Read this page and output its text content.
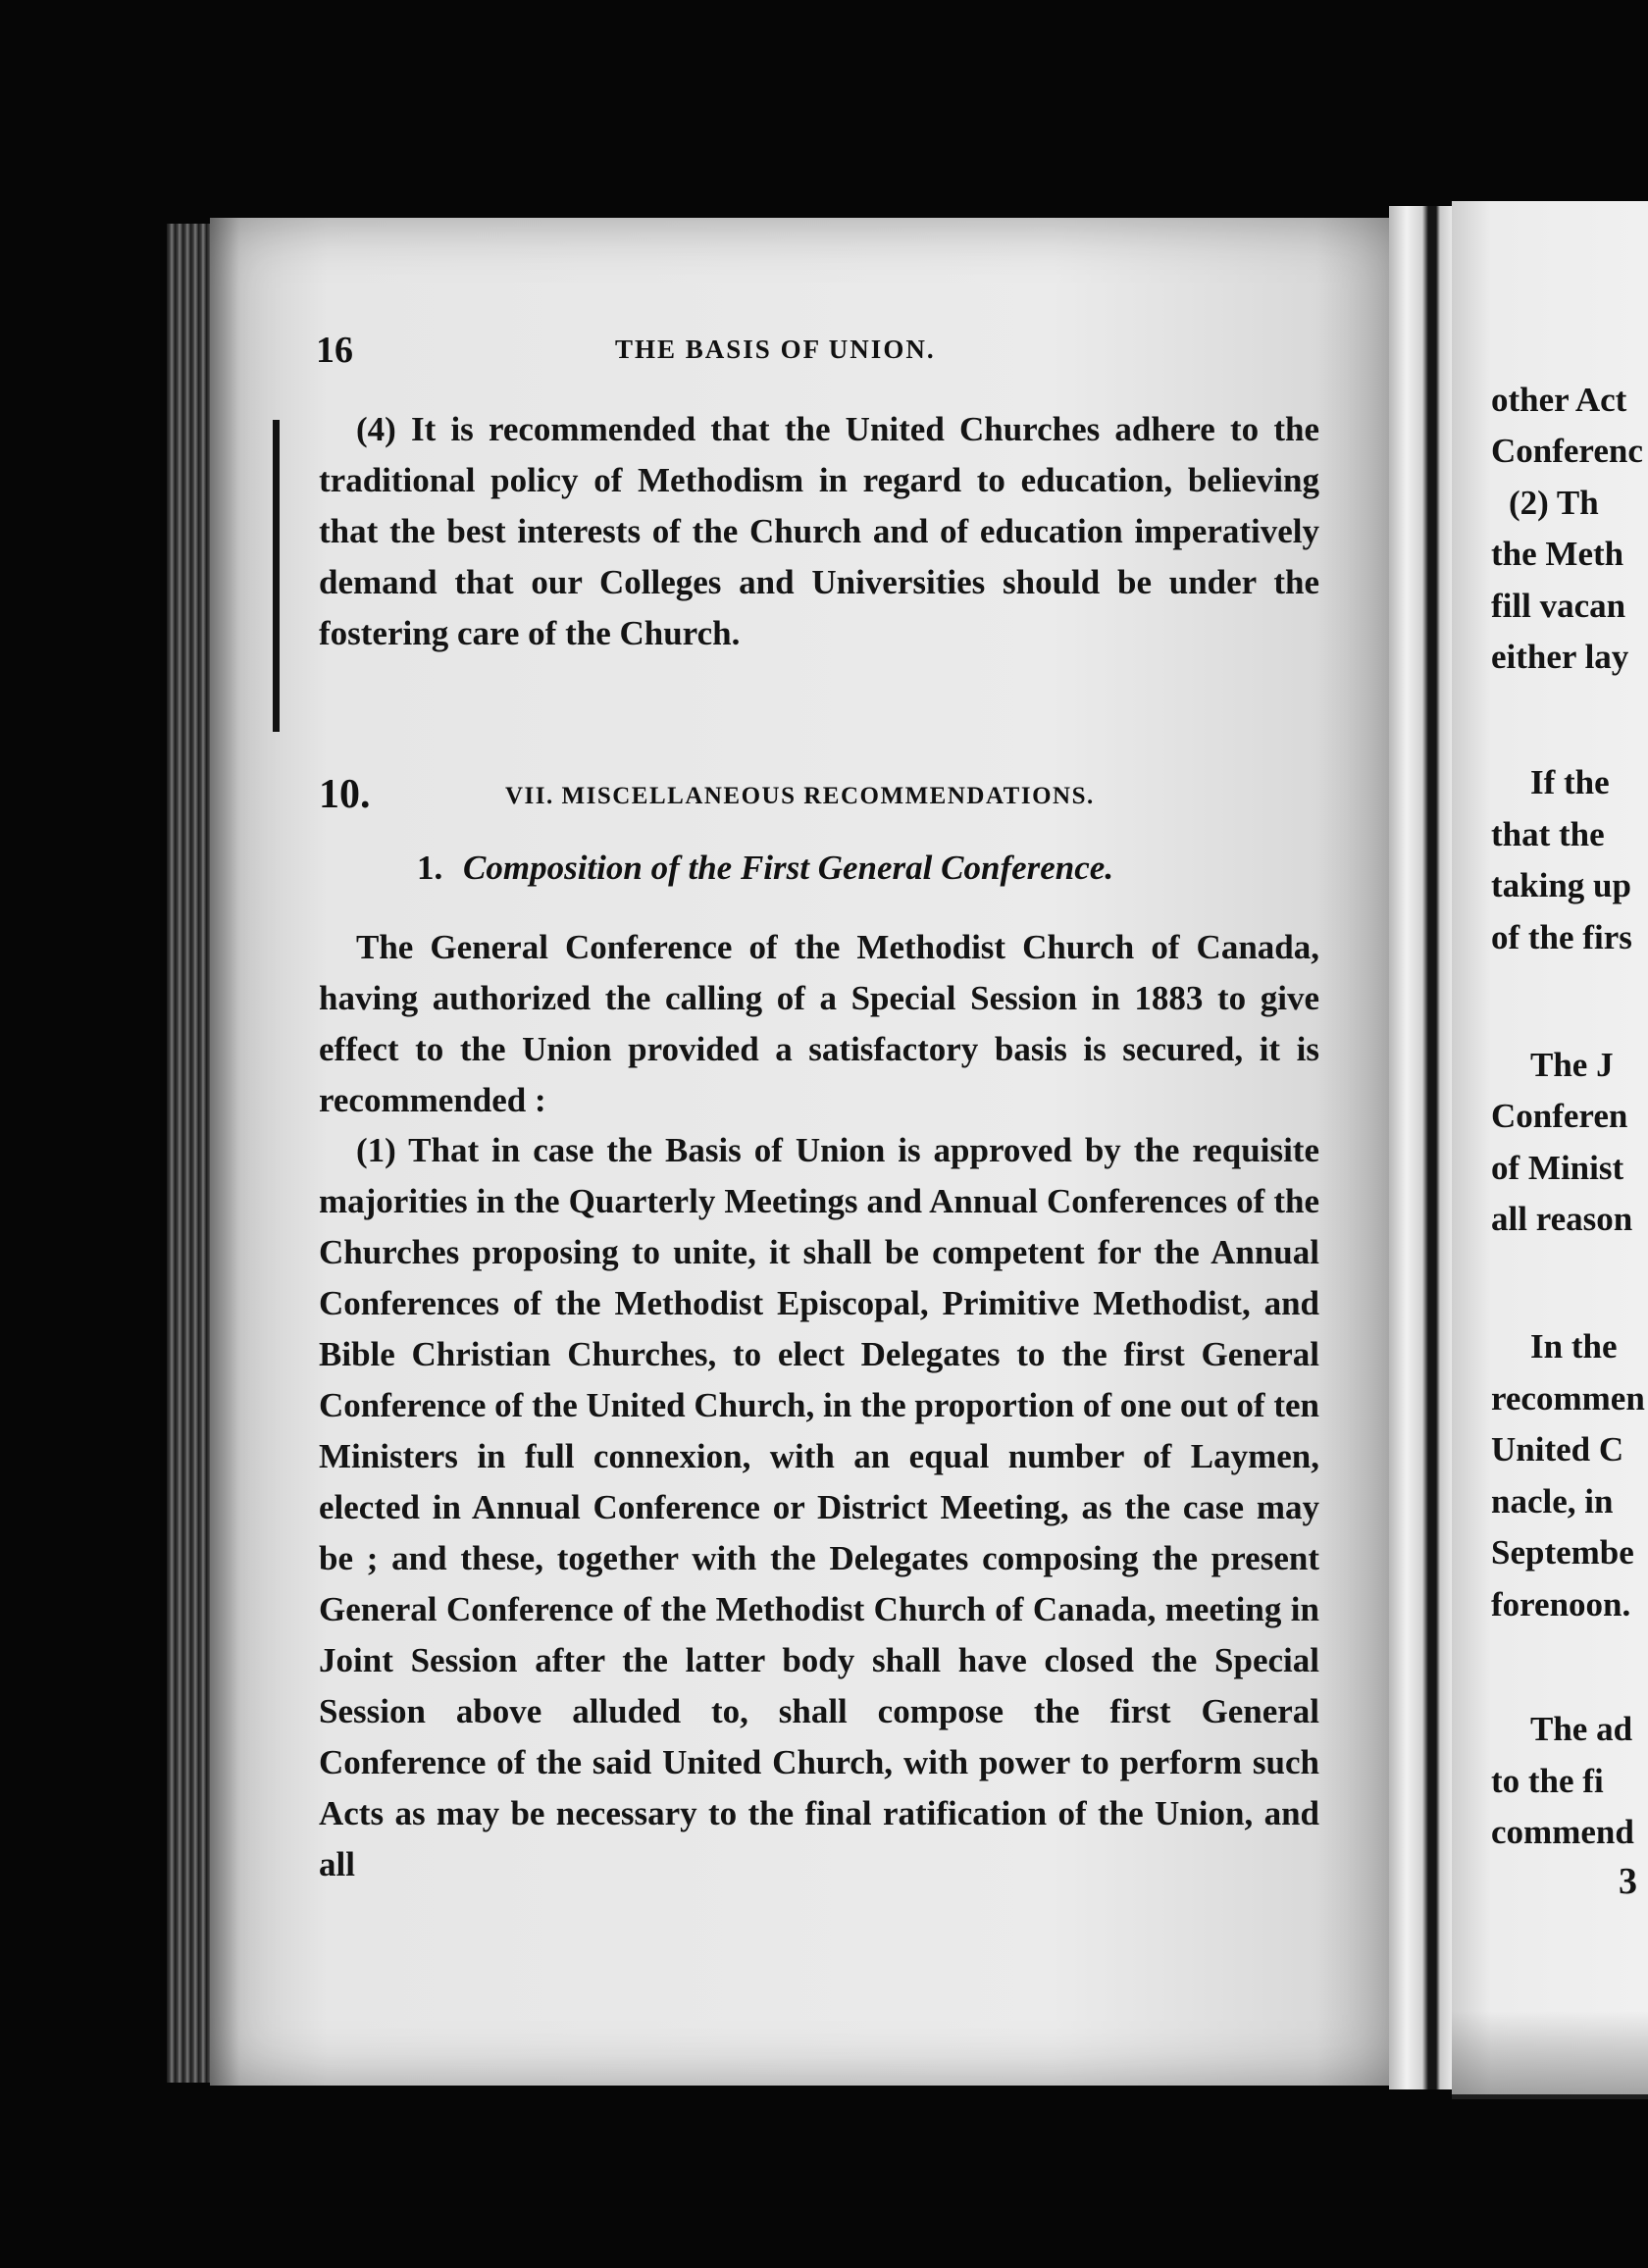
16	THE BASIS OF UNION.
(4) It is recommended that the United Churches adhere to the traditional policy of Methodism in regard to education, believing that the best interests of the Church and of education imperatively demand that our Colleges and Universities should be under the fostering care of the Church.
10.	VII. MISCELLANEOUS RECOMMENDATIONS.
1. Composition of the First General Conference.
The General Conference of the Methodist Church of Canada, having authorized the calling of a Special Session in 1883 to give effect to the Union provided a satisfactory basis is secured, it is recommended :
(1) That in case the Basis of Union is approved by the requisite majorities in the Quarterly Meetings and Annual Conferences of the Churches proposing to unite, it shall be competent for the Annual Conferences of the Methodist Episcopal, Primitive Methodist, and Bible Christian Churches, to elect Delegates to the first General Conference of the United Church, in the proportion of one out of ten Ministers in full connexion, with an equal number of Laymen, elected in Annual Conference or District Meeting, as the case may be ; and these, together with the Delegates composing the present General Conference of the Methodist Church of Canada, meeting in Joint Session after the latter body shall have closed the Special Session above alluded to, shall compose the first General Conference of the said United Church, with power to perform such Acts as may be necessary to the final ratification of the Union, and all
other Act
Conferenc
(2) Th
the Meth
fill vacan
either lay
If the
that the
taking up
of the firs
The J
Conferen
of Minist
all reason
In the
recommen
United C
nacle, in
Septembe
forenoon.
The ad
to the fi
commend
3
